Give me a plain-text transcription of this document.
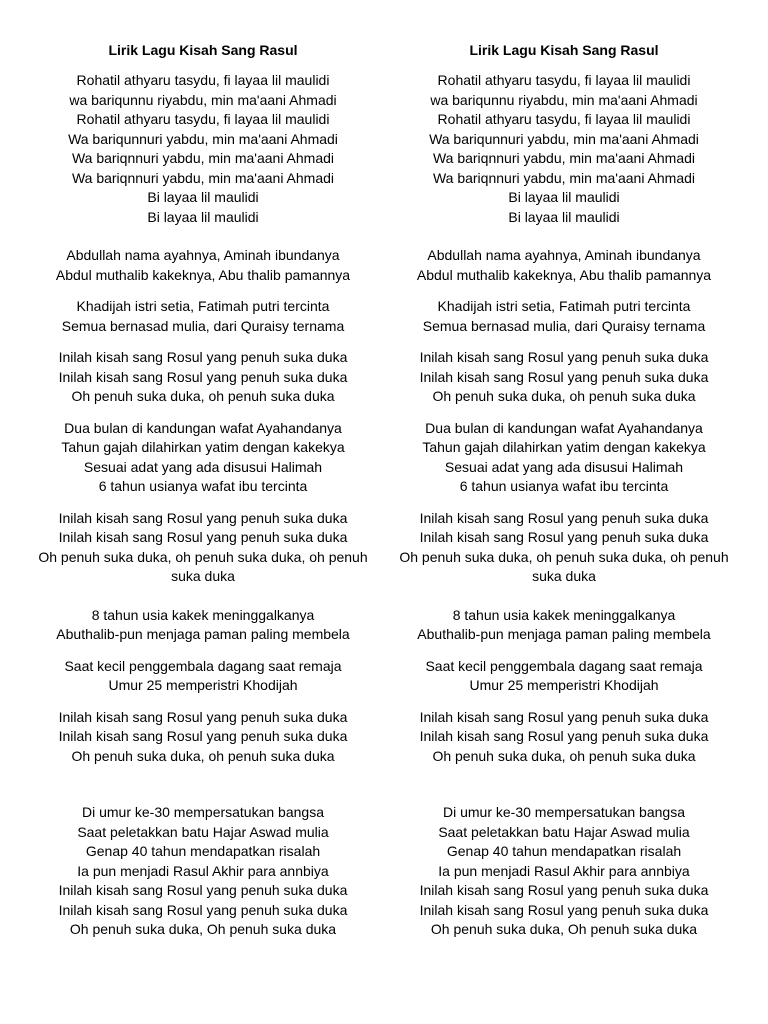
Lirik Lagu Kisah Sang Rasul
Rohatil athyaru tasydu, fi layaa lil maulidi
wa bariqunnu riyabdu, min ma'aani Ahmadi
Rohatil athyaru tasydu, fi layaa lil maulidi
Wa bariqunnuri yabdu, min ma'aani Ahmadi
Wa bariqnnuri yabdu, min ma'aani Ahmadi
Wa bariqnnuri yabdu, min ma'aani Ahmadi
Bi layaa lil maulidi
Bi layaa lil maulidi
Abdullah nama ayahnya, Aminah ibundanya
Abdul muthalib kakeknya, Abu thalib pamannya
Khadijah istri setia, Fatimah putri tercinta
Semua bernasad mulia, dari Quraisy ternama
Inilah kisah sang Rosul yang penuh suka duka
Inilah kisah sang Rosul yang penuh suka duka
Oh penuh suka duka, oh penuh suka duka
Dua bulan di kandungan wafat Ayahandanya
Tahun gajah dilahirkan yatim dengan kakekya
Sesuai adat yang ada disusui Halimah
6 tahun usianya wafat ibu tercinta
Inilah kisah sang Rosul yang penuh suka duka
Inilah kisah sang Rosul yang penuh suka duka
Oh penuh suka duka, oh penuh suka duka, oh penuh suka duka
8 tahun usia kakek meninggalkanya
Abuthalib-pun menjaga paman paling membela
Saat kecil penggembala dagang saat remaja
Umur 25 memperistri Khodijah
Inilah kisah sang Rosul yang penuh suka duka
Inilah kisah sang Rosul yang penuh suka duka
Oh penuh suka duka, oh penuh suka duka
Di umur ke-30 mempersatukan bangsa
Saat peletakkan batu Hajar Aswad mulia
Genap 40 tahun mendapatkan risalah
Ia pun menjadi Rasul Akhir para annbiya
Inilah kisah sang Rosul yang penuh suka duka
Inilah kisah sang Rosul yang penuh suka duka
Oh penuh suka duka, Oh penuh suka duka
Lirik Lagu Kisah Sang Rasul
Rohatil athyaru tasydu, fi layaa lil maulidi
wa bariqunnu riyabdu, min ma'aani Ahmadi
Rohatil athyaru tasydu, fi layaa lil maulidi
Wa bariqunnuri yabdu, min ma'aani Ahmadi
Wa bariqnnuri yabdu, min ma'aani Ahmadi
Wa bariqnnuri yabdu, min ma'aani Ahmadi
Bi layaa lil maulidi
Bi layaa lil maulidi
Abdullah nama ayahnya, Aminah ibundanya
Abdul muthalib kakeknya, Abu thalib pamannya
Khadijah istri setia, Fatimah putri tercinta
Semua bernasad mulia, dari Quraisy ternama
Inilah kisah sang Rosul yang penuh suka duka
Inilah kisah sang Rosul yang penuh suka duka
Oh penuh suka duka, oh penuh suka duka
Dua bulan di kandungan wafat Ayahandanya
Tahun gajah dilahirkan yatim dengan kakekya
Sesuai adat yang ada disusui Halimah
6 tahun usianya wafat ibu tercinta
Inilah kisah sang Rosul yang penuh suka duka
Inilah kisah sang Rosul yang penuh suka duka
Oh penuh suka duka, oh penuh suka duka, oh penuh suka duka
8 tahun usia kakek meninggalkanya
Abuthalib-pun menjaga paman paling membela
Saat kecil penggembala dagang saat remaja
Umur 25 memperistri Khodijah
Inilah kisah sang Rosul yang penuh suka duka
Inilah kisah sang Rosul yang penuh suka duka
Oh penuh suka duka, oh penuh suka duka
Di umur ke-30 mempersatukan bangsa
Saat peletakkan batu Hajar Aswad mulia
Genap 40 tahun mendapatkan risalah
Ia pun menjadi Rasul Akhir para annbiya
Inilah kisah sang Rosul yang penuh suka duka
Inilah kisah sang Rosul yang penuh suka duka
Oh penuh suka duka, Oh penuh suka duka
